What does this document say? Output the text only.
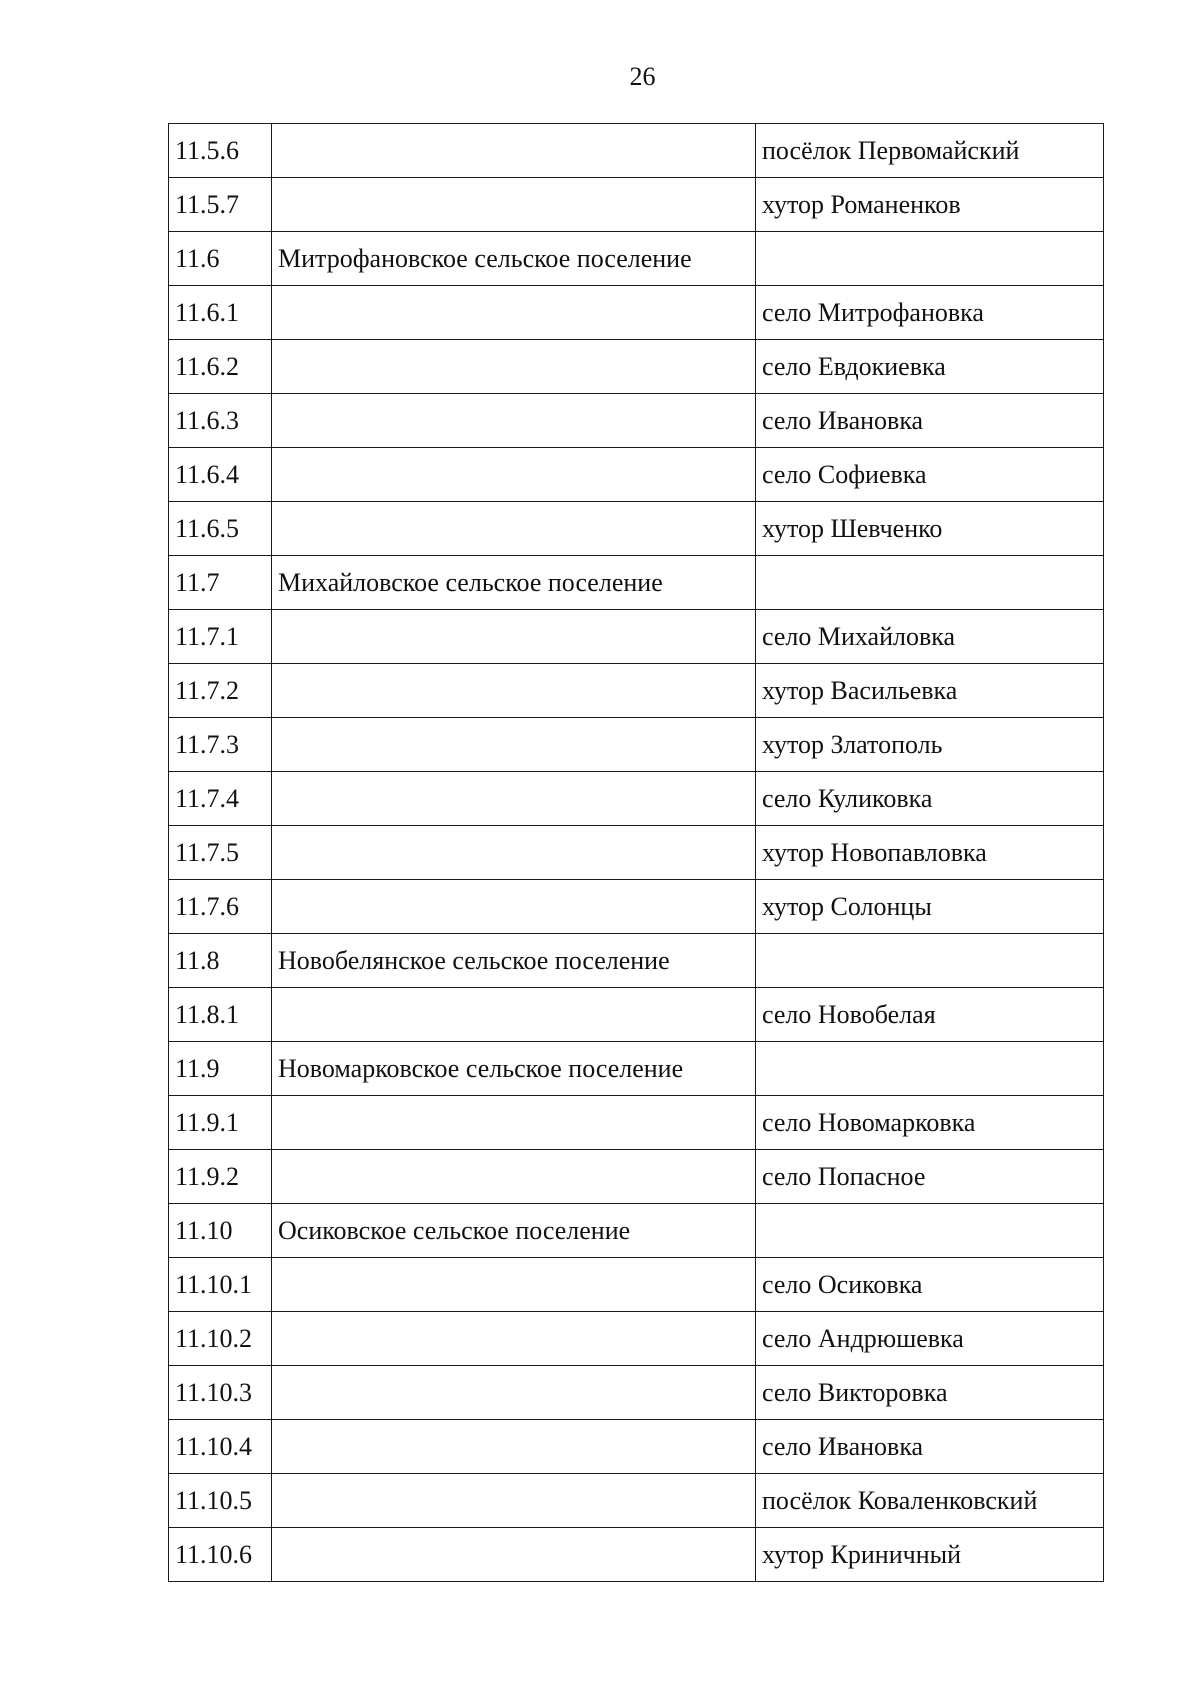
26
11.5.6		посёлок Первомайский
11.5.7		хутор Романенков
11.6	Митрофановское сельское поселение	
11.6.1		село Митрофановка
11.6.2		село Евдокиевка
11.6.3		село Ивановка
11.6.4		село Софиевка
11.6.5		хутор Шевченко
11.7	Михайловское сельское поселение	
11.7.1		село Михайловка
11.7.2		хутор Васильевка
11.7.3		хутор Златополь
11.7.4		село Куликовка
11.7.5		хутор Новопавловка
11.7.6		хутор Солонцы
11.8	Новобелянское сельское поселение	
11.8.1		село Новобелая
11.9	Новомарковское сельское поселение	
11.9.1		село Новомарковка
11.9.2		село Попасное
11.10	Осиковское сельское поселение	
11.10.1		село Осиковка
11.10.2		село Андрюшевка
11.10.3		село Викторовка
11.10.4		село Ивановка
11.10.5		посёлок Коваленковский
11.10.6		хутор Криничный
